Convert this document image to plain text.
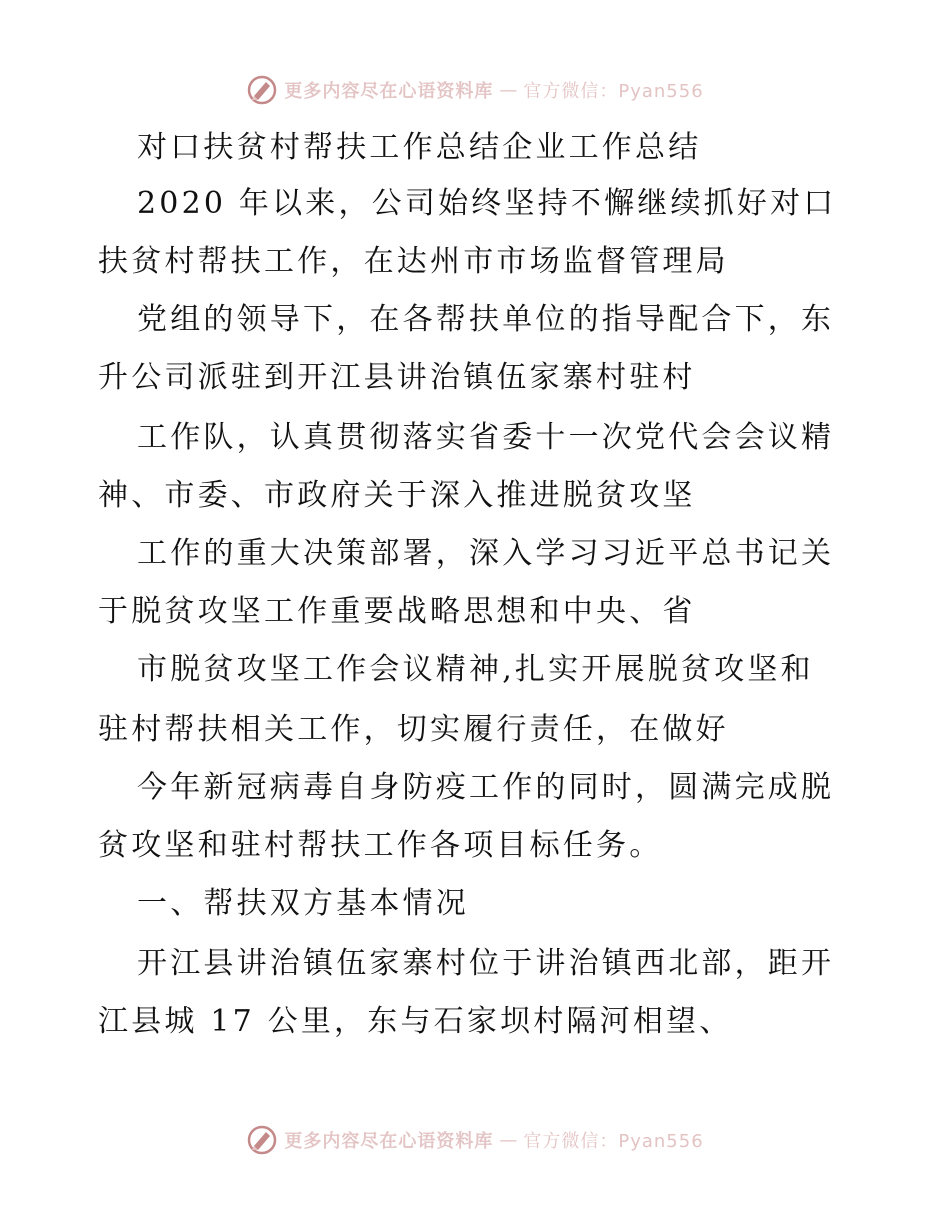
更多内容尽在心语资料库 — 官方微信：Pyan556
对口扶贫村帮扶工作总结企业工作总结
2020 年以来，公司始终坚持不懈继续抓好对口
扶贫村帮扶工作，在达州市市场监督管理局
党组的领导下，在各帮扶单位的指导配合下，东
升公司派驻到开江县讲治镇伍家寨村驻村
工作队，认真贯彻落实省委十一次党代会会议精
神、市委、市政府关于深入推进脱贫攻坚
工作的重大决策部署，深入学习习近平总书记关
于脱贫攻坚工作重要战略思想和中央、省
市脱贫攻坚工作会议精神,扎实开展脱贫攻坚和
驻村帮扶相关工作，切实履行责任，在做好
今年新冠病毒自身防疫工作的同时，圆满完成脱
贫攻坚和驻村帮扶工作各项目标任务。
一、帮扶双方基本情况
开江县讲治镇伍家寨村位于讲治镇西北部，距开
江县城 17 公里，东与石家坝村隔河相望、
更多内容尽在心语资料库 — 官方微信：Pyan556
